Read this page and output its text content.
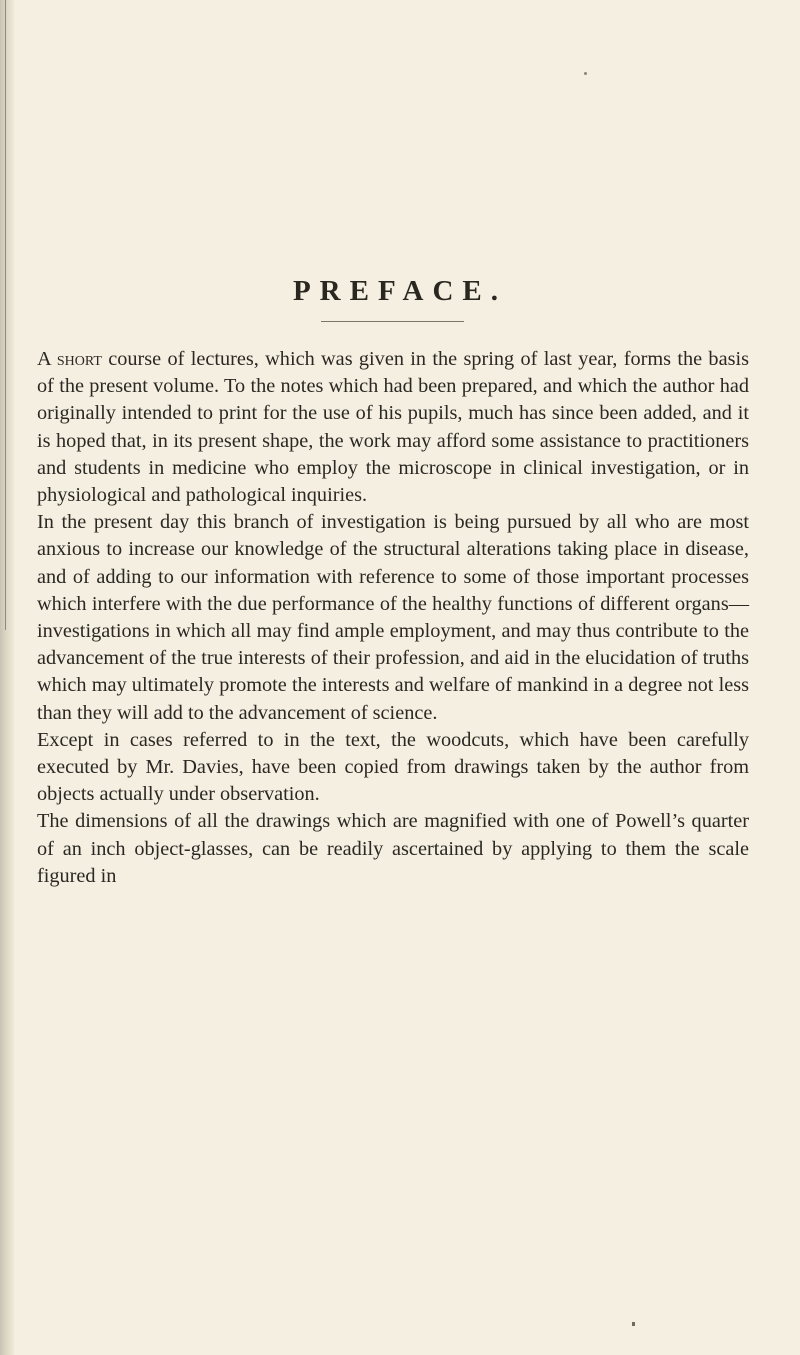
PREFACE.

A short course of lectures, which was given in the spring of last year, forms the basis of the present volume. To the notes which had been prepared, and which the author had originally intended to print for the use of his pupils, much has since been added, and it is hoped that, in its present shape, the work may afford some assistance to practitioners and students in medicine who employ the microscope in clinical investigation, or in physiological and pathological inquiries.

In the present day this branch of investigation is being pursued by all who are most anxious to increase our knowledge of the structural alterations taking place in disease, and of adding to our information with reference to some of those important processes which interfere with the due performance of the healthy functions of different organs—investigations in which all may find ample employment, and may thus contribute to the advancement of the true interests of their profession, and aid in the elucidation of truths which may ultimately promote the interests and welfare of mankind in a degree not less than they will add to the advancement of science.

Except in cases referred to in the text, the woodcuts, which have been carefully executed by Mr. Davies, have been copied from drawings taken by the author from objects actually under observation.

The dimensions of all the drawings which are magnified with one of Powell’s quarter of an inch object-glasses, can be readily ascertained by applying to them the scale figured in
